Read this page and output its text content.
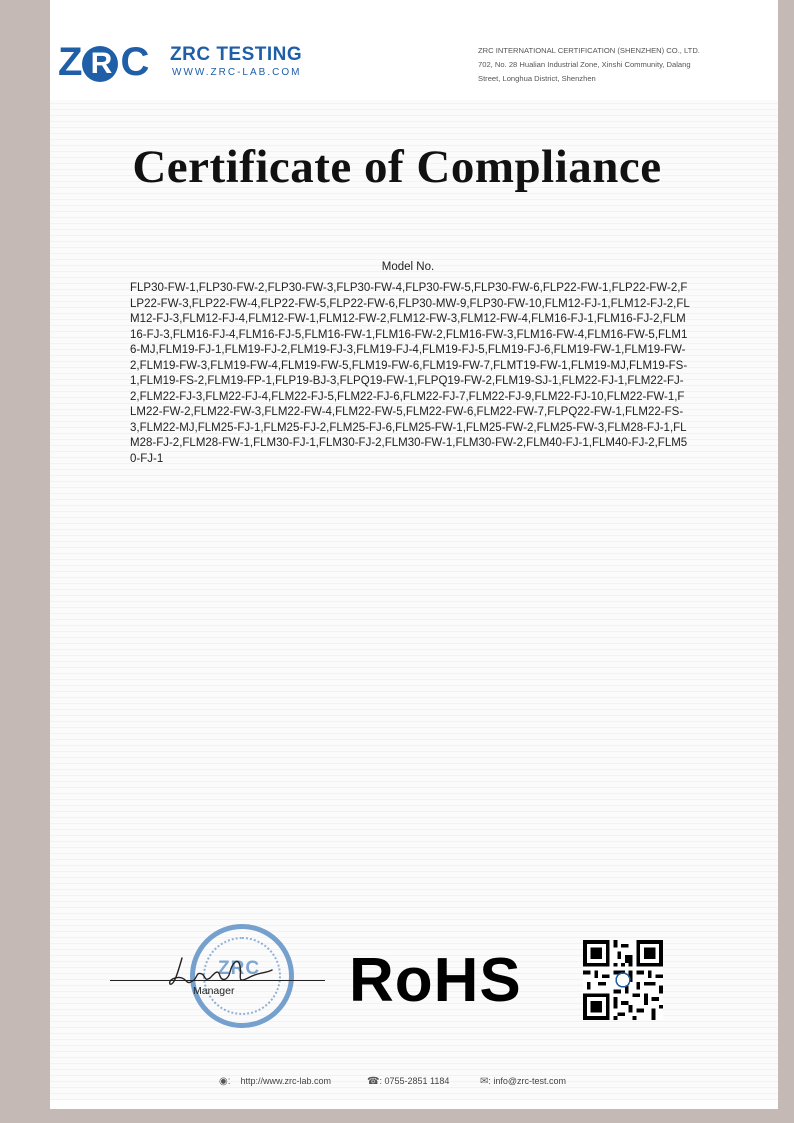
Z R C ZRC TESTING
WWW.ZRC-LAB.COM
ZRC INTERNATIONAL CERTIFICATION (SHENZHEN) CO., LTD.
702, No. 28 Hualian Industrial Zone, Xinshi Community, Dalang
Street, Longhua District, Shenzhen
Certificate of Compliance
Model No.
FLP30-FW-1,FLP30-FW-2,FLP30-FW-3,FLP30-FW-4,FLP30-FW-5,FLP30-FW-6,FLP22-FW-1,FLP22-FW-2,FLP22-FW-3,FLP22-FW-4,FLP22-FW-5,FLP22-FW-6,FLP30-MW-9,FLP30-FW-10,FLM12-FJ-1,FLM12-FJ-2,FLM12-FJ-3,FLM12-FJ-4,FLM12-FW-1,FLM12-FW-2,FLM12-FW-3,FLM12-FW-4,FLM16-FJ-1,FLM16-FJ-2,FLM16-FJ-3,FLM16-FJ-4,FLM16-FJ-5,FLM16-FW-1,FLM16-FW-2,FLM16-FW-3,FLM16-FW-4,FLM16-FW-5,FLM16-MJ,FLM19-FJ-1,FLM19-FJ-2,FLM19-FJ-3,FLM19-FJ-4,FLM19-FJ-5,FLM19-FJ-6,FLM19-FW-1,FLM19-FW-2,FLM19-FW-3,FLM19-FW-4,FLM19-FW-5,FLM19-FW-6,FLM19-FW-7,FLMT19-FW-1,FLM19-MJ,FLM19-FS-1,FLM19-FS-2,FLM19-FP-1,FLP19-BJ-3,FLPQ19-FW-1,FLPQ19-FW-2,FLM19-SJ-1,FLM22-FJ-1,FLM22-FJ-2,FLM22-FJ-3,FLM22-FJ-4,FLM22-FJ-5,FLM22-FJ-6,FLM22-FJ-7,FLM22-FJ-9,FLM22-FJ-10,FLM22-FW-1,FLM22-FW-2,FLM22-FW-3,FLM22-FW-4,FLM22-FW-5,FLM22-FW-6,FLM22-FW-7,FLPQ22-FW-1,FLM22-FS-3,FLM22-MJ,FLM25-FJ-1,FLM25-FJ-2,FLM25-FJ-6,FLM25-FW-1,FLM25-FW-2,FLM25-FW-3,FLM28-FJ-1,FLM28-FJ-2,FLM28-FW-1,FLM30-FJ-1,FLM30-FJ-2,FLM30-FW-1,FLM30-FW-2,FLM40-FJ-1,FLM40-FJ-2,FLM50-FJ-1
ZRC
Manager RoHS
◉: http://www.zrc-lab.com	☎: 0755-2851 1184	✉: info@zrc-test.com
